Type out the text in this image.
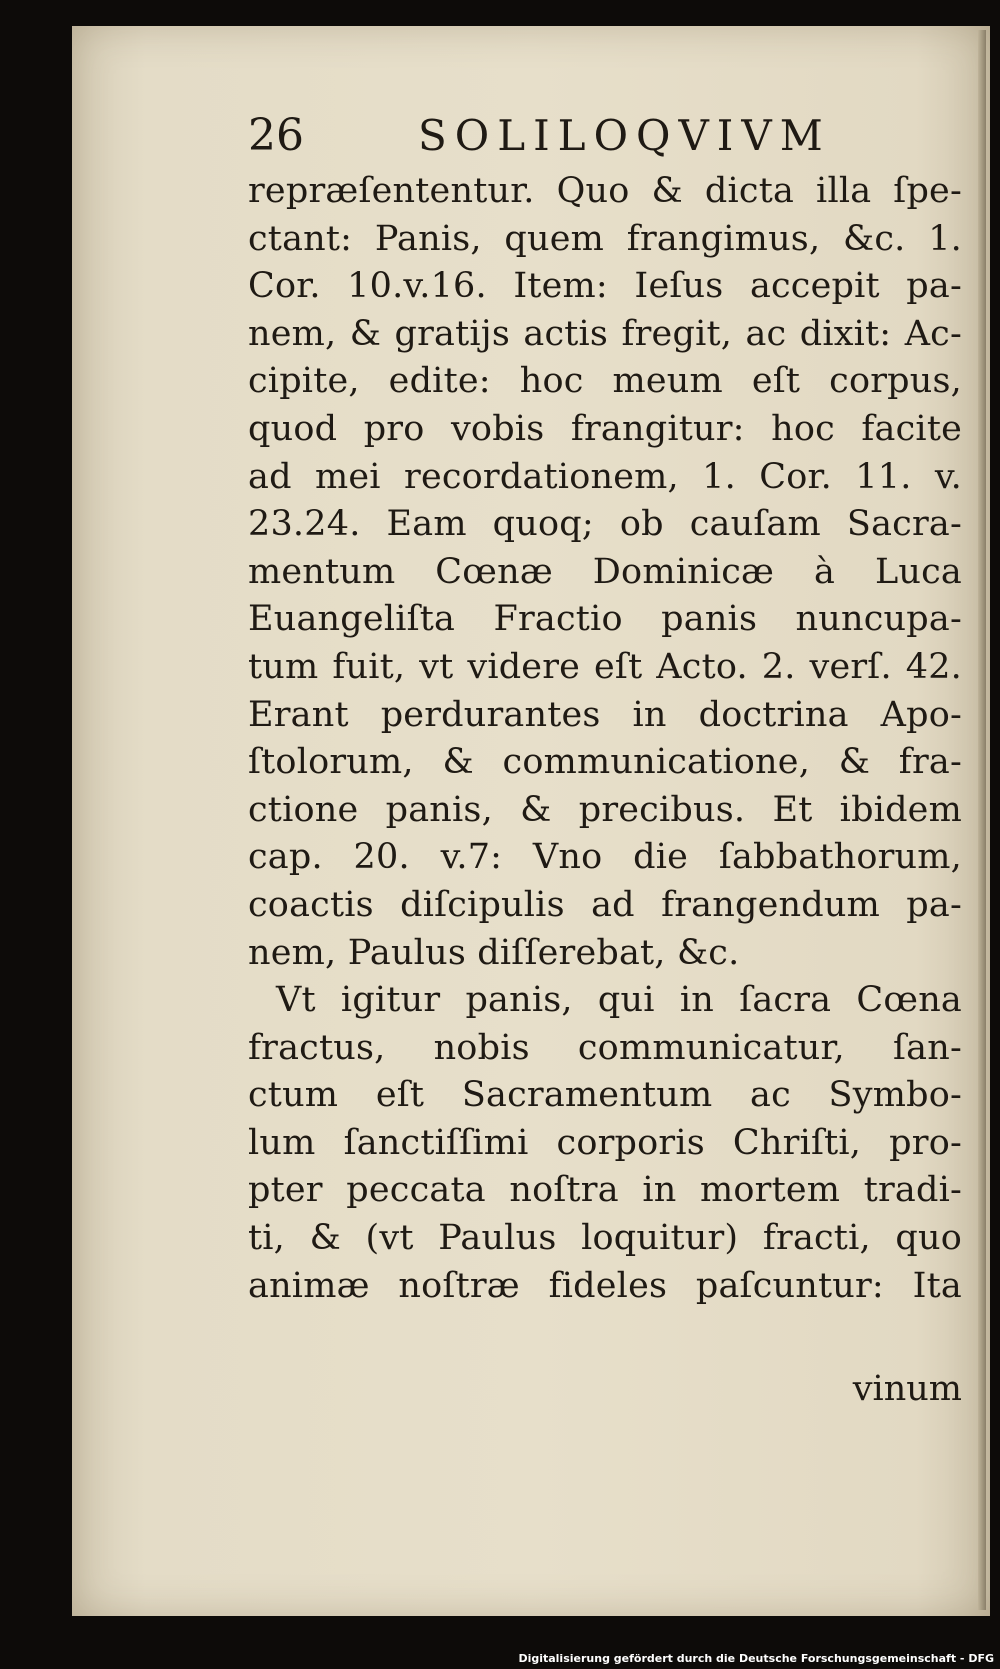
26	SOLILOQVIVM
repræſententur. Quo & dicta illa ſpe-
ctant: Panis, quem frangimus, &c. 1.
Cor. 10.v.16. Item: Ieſus accepit pa-
nem, & gratijs actis fregit, ac dixit: Ac-
cipite, edite: hoc meum eſt corpus,
quod pro vobis frangitur: hoc facite
ad mei recordationem, 1. Cor. 11. v.
23.24. Eam quoq; ob cauſam Sacra-
mentum Cœnæ Dominicæ à Luca
Euangeliſta Fractio panis nuncupa-
tum fuit, vt videre eſt Acto. 2. verſ. 42.
Erant perdurantes in doctrina Apo-
ſtolorum, & communicatione, & fra-
ctione panis, & precibus. Et ibidem
cap. 20. v.7: Vno die ſabbathorum,
coactis diſcipulis ad frangendum pa-
nem, Paulus diſſerebat, &c.
Vt igitur panis, qui in ſacra Cœna
fractus, nobis communicatur, ſan-
ctum eſt Sacramentum ac Symbo-
lum ſanctiſſimi corporis Chriſti, pro-
pter peccata noſtra in mortem tradi-
ti, & (vt Paulus loquitur) fracti, quo
animæ noſtræ fideles paſcuntur: Ita
vinum
Digitalisierung gefördert durch die Deutsche Forschungsgemeinschaft - DFG
